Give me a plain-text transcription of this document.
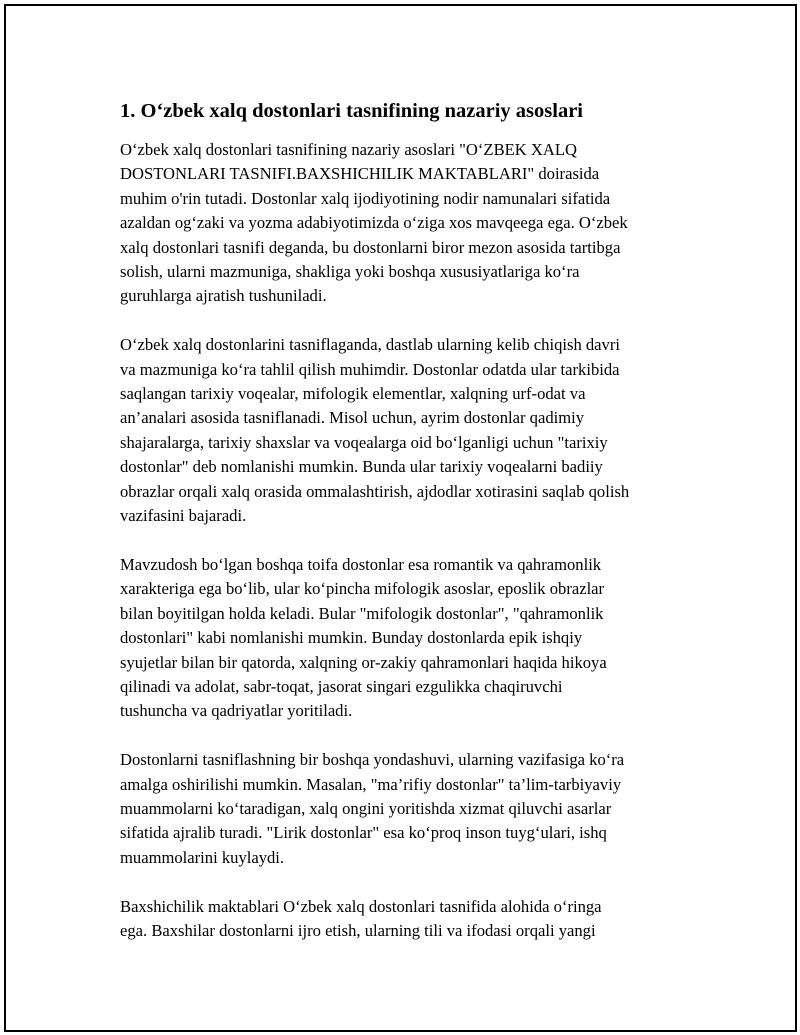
1. O‘zbek xalq dostonlari tasnifining nazariy asoslari

O‘zbek xalq dostonlari tasnifining nazariy asoslari "O‘ZBEK XALQ
DOSTONLARI TASNIFI.BAXSHICHILIK MAKTABLARI" doirasida
muhim o'rin tutadi. Dostonlar xalq ijodiyotining nodir namunalari sifatida
azaldan og‘zaki va yozma adabiyotimizda o‘ziga xos mavqeega ega. O‘zbek
xalq dostonlari tasnifi deganda, bu dostonlarni biror mezon asosida tartibga
solish, ularni mazmuniga, shakliga yoki boshqa xususiyatlariga ko‘ra
guruhlarga ajratish tushuniladi.

O‘zbek xalq dostonlarini tasniflaganda, dastlab ularning kelib chiqish davri
va mazmuniga ko‘ra tahlil qilish muhimdir. Dostonlar odatda ular tarkibida
saqlangan tarixiy voqealar, mifologik elementlar, xalqning urf-odat va
an’analari asosida tasniflanadi. Misol uchun, ayrim dostonlar qadimiy
shajaralarga, tarixiy shaxslar va voqealarga oid bo‘lganligi uchun "tarixiy
dostonlar" deb nomlanishi mumkin. Bunda ular tarixiy voqealarni badiiy
obrazlar orqali xalq orasida ommalashtirish, ajdodlar xotirasini saqlab qolish
vazifasini bajaradi.

Mavzudosh bo‘lgan boshqa toifa dostonlar esa romantik va qahramonlik
xarakteriga ega bo‘lib, ular ko‘pincha mifologik asoslar, eposlik obrazlar
bilan boyitilgan holda keladi. Bular "mifologik dostonlar", "qahramonlik
dostonlari" kabi nomlanishi mumkin. Bunday dostonlarda epik ishqiy
syujetlar bilan bir qatorda, xalqning or-zakiy qahramonlari haqida hikoya
qilinadi va adolat, sabr-toqat, jasorat singari ezgulikka chaqiruvchi
tushuncha va qadriyatlar yoritiladi.

Dostonlarni tasniflashning bir boshqa yondashuvi, ularning vazifasiga ko‘ra
amalga oshirilishi mumkin. Masalan, "ma’rifiy dostonlar" ta’lim-tarbiyaviy
muammolarni ko‘taradigan, xalq ongini yoritishda xizmat qiluvchi asarlar
sifatida ajralib turadi. "Lirik dostonlar" esa ko‘proq inson tuyg‘ulari, ishq
muammolarini kuylaydi.

Baxshichilik maktablari O‘zbek xalq dostonlari tasnifida alohida o‘ringa
ega. Baxshilar dostonlarni ijro etish, ularning tili va ifodasi orqali yangi
